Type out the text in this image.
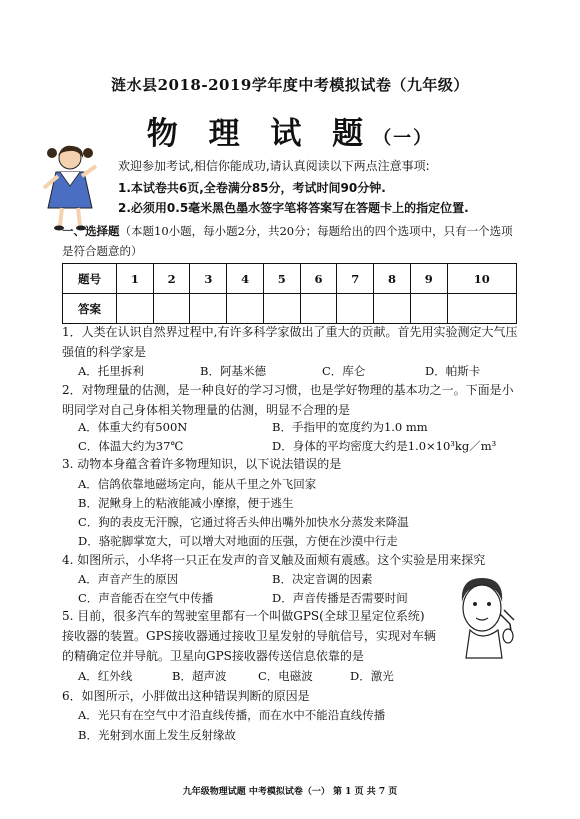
涟水县2018-2019学年度中考模拟试卷（九年级）
物 理 试 题（一）
欢迎参加考试,相信你能成功,请认真阅读以下两点注意事项:
1.本试卷共6页,全卷满分85分，考试时间90分钟.
2.必须用0.5毫米黑色墨水签字笔将答案写在答题卡上的指定位置.
一、选择题（本题10小题，每小题2分，共20分；每题给出的四个选项中，只有一个选项是符合题意的）
题号	1	2	3	4	5	6	7	8	9	10
答案										
1．人类在认识自然界过程中,有许多科学家做出了重大的贡献。首先用实验测定大气压强值的科学家是
A．托里拆利	B．阿基米德	C．库仑	D．帕斯卡
2．对物理量的估测，是一种良好的学习习惯，也是学好物理的基本功之一。下面是小明同学对自己身体相关物理量的估测，明显不合理的是
A．体重大约有500N	B．手指甲的宽度约为1.0 mm
C．体温大约为37℃	D．身体的平均密度大约是1.0×10³kg／m³
3. 动物本身蕴含着许多物理知识，以下说法错误的是
A．信鸽依靠地磁场定向，能从千里之外飞回家
B．泥鳅身上的粘液能减小摩擦，便于逃生
C．狗的表皮无汗腺，它通过将舌头伸出嘴外加快水分蒸发来降温
D．骆驼脚掌宽大，可以增大对地面的压强，方便在沙漠中行走
4. 如图所示，小华将一只正在发声的音叉触及面颊有震感。这个实验是用来探究
A．声音产生的原因	B．决定音调的因素
C．声音能否在空气中传播	D．声音传播是否需要时间
5. 目前，很多汽车的驾驶室里都有一个叫做GPS(全球卫星定位系统)
接收器的装置。GPS接收器通过接收卫星发射的导航信号，实现对车辆
的精确定位并导航。卫星向GPS接收器传送信息依靠的是
A．红外线	B．超声波	C．电磁波	D．激光
6．如图所示，小胖做出这种错误判断的原因是
A．光只有在空气中才沿直线传播，而在水中不能沿直线传播
B．光射到水面上发生反射缘故
九年级物理试题 中考模拟试卷（一） 第 1 页 共 7 页
